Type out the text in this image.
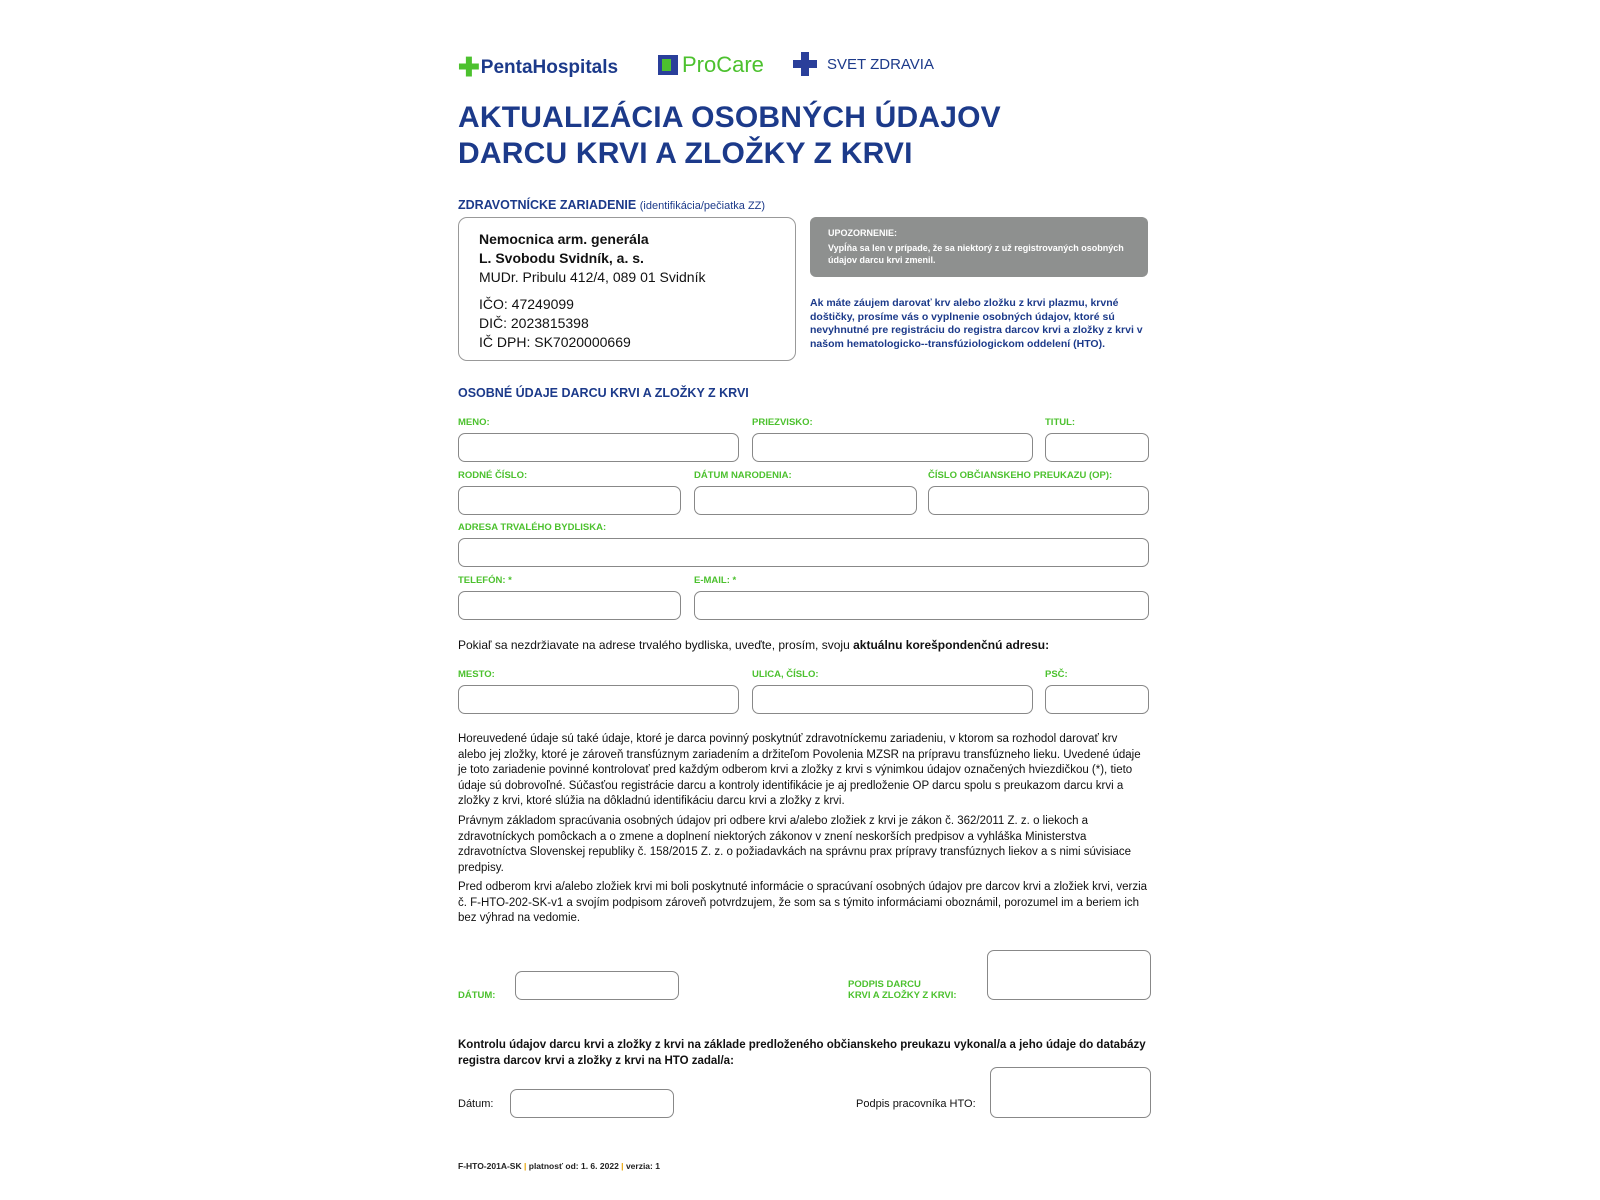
✚ PentaHospitals	ProCare	SVET ZDRAVIA
AKTUALIZÁCIA OSOBNÝCH ÚDAJOV
DARCU KRVI A ZLOŽKY Z KRVI
ZDRAVOTNÍCKE ZARIADENIE (identifikácia/pečiatka ZZ)
Nemocnica arm. generála
L. Svobodu Svidník, a. s.
MUDr. Pribulu 412/4, 089 01 Svidník
IČO: 47249099
DIČ: 2023815398
IČ DPH: SK7020000669
UPOZORNENIE:
Vypĺňa sa len v prípade, že sa niektorý z už registrovaných osobných údajov darcu krvi zmenil.
Ak máte záujem darovať krv alebo zložku z krvi plazmu, krvné doštičky, prosíme vás o vyplnenie osobných údajov, ktoré sú nevyhnutné pre registráciu do registra darcov krvi a zložky z krvi v našom hematologicko--transfúziologickom oddelení (HTO).
OSOBNÉ ÚDAJE DARCU KRVI A ZLOŽKY Z KRVI
MENO:	PRIEZVISKO:	TITUL:
RODNÉ ČÍSLO:	DÁTUM NARODENIA:	ČÍSLO OBČIANSKEHO PREUKAZU (OP):
ADRESA TRVALÉHO BYDLISKA:
TELEFÓN: *	E-MAIL: *
Pokiaľ sa nezdržiavate na adrese trvalého bydliska, uveďte, prosím, svoju aktuálnu korešpondenčnú adresu:
MESTO:	ULICA, ČÍSLO:	PSČ:
Horeuvedené údaje sú také údaje, ktoré je darca povinný poskytnúť zdravotníckemu zariadeniu, v ktorom sa rozhodol darovať krv alebo jej zložky, ktoré je zároveň transfúznym zariadením a držiteľom Povolenia MZSR na prípravu transfúzneho lieku. Uvedené údaje je toto zariadenie povinné kontrolovať pred každým odberom krvi a zložky z krvi s výnimkou údajov označených hviezdičkou (*), tieto údaje sú dobrovoľné. Súčasťou registrácie darcu a kontroly identifikácie je aj predloženie OP darcu spolu s preukazom darcu krvi a zložky z krvi, ktoré slúžia na dôkladnú identifikáciu darcu krvi a zložky z krvi.
Právnym základom spracúvania osobných údajov pri odbere krvi a/alebo zložiek z krvi je zákon č. 362/2011 Z. z. o liekoch a zdravotníckych pomôckach a o zmene a doplnení niektorých zákonov v znení neskorších predpisov a vyhláška Ministerstva zdravotníctva Slovenskej republiky č. 158/2015 Z. z. o požiadavkách na správnu prax prípravy transfúznych liekov a s nimi súvisiace predpisy.
Pred odberom krvi a/alebo zložiek krvi mi boli poskytnuté informácie o spracúvaní osobných údajov pre darcov krvi a zložiek krvi, verzia č. F-HTO-202-SK-v1 a svojím podpisom zároveň potvrdzujem, že som sa s týmito informáciami oboznámil, porozumel im a beriem ich bez výhrad na vedomie.
DÁTUM:
PODPIS DARCU
KRVI A ZLOŽKY Z KRVI:
Kontrolu údajov darcu krvi a zložky z krvi na základe predloženého občianskeho preukazu vykonal/a a jeho údaje do databázy registra darcov krvi a zložky z krvi na HTO zadal/a:
Dátum:	Podpis pracovníka HTO:
F-HTO-201A-SK | platnosť od: 1. 6. 2022 | verzia: 1
